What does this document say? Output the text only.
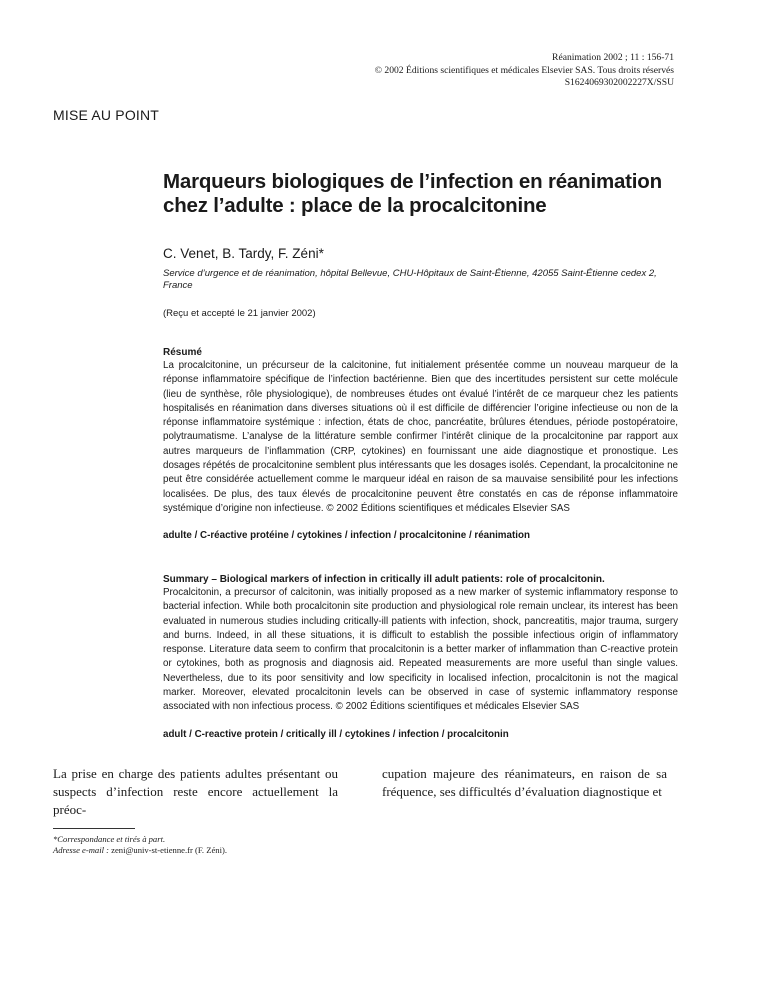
Réanimation 2002 ; 11 : 156-71
© 2002 Éditions scientifiques et médicales Elsevier SAS. Tous droits réservés
S1624069302002227X/SSU
MISE AU POINT
Marqueurs biologiques de l’infection en réanimation chez l’adulte : place de la procalcitonine
C. Venet, B. Tardy, F. Zéni*
Service d’urgence et de réanimation, hôpital Bellevue, CHU-Hôpitaux de Saint-Étienne, 42055 Saint-Étienne cedex 2, France
(Reçu et accepté le 21 janvier 2002)
Résumé

La procalcitonine, un précurseur de la calcitonine, fut initialement présentée comme un nouveau marqueur de la réponse inflammatoire spécifique de l’infection bactérienne. Bien que des incertitudes persistent sur cette molécule (lieu de synthèse, rôle physiologique), de nombreuses études ont évalué l’intérêt de ce marqueur chez les patients hospitalisés en réanimation dans diverses situations où il est difficile de différencier l’origine infectieuse ou non de la réponse inflammatoire systémique : infection, états de choc, pancréatite, brûlures étendues, période postopératoire, polytraumatisme. L’analyse de la littérature semble confirmer l’intérêt clinique de la procalcitonine par rapport aux autres marqueurs de l’inflammation (CRP, cytokines) en fournissant une aide diagnostique et pronostique. Les dosages répétés de procalcitonine semblent plus intéressants que les dosages isolés. Cependant, la procalcitonine ne peut être considérée actuellement comme le marqueur idéal en raison de sa mauvaise sensibilité pour les infections localisées. De plus, des taux élevés de procalcitonine peuvent être constatés en cas de réponse inflammatoire systémique d’origine non infectieuse. © 2002 Éditions scientifiques et médicales Elsevier SAS

adulte / C-réactive protéine / cytokines / infection / procalcitonine / réanimation
Summary – Biological markers of infection in critically ill adult patients: role of procalcitonin.

Procalcitonin, a precursor of calcitonin, was initially proposed as a new marker of systemic inflammatory response to bacterial infection. While both procalcitonin site production and physiological role remain unclear, its interest has been evaluated in numerous studies including critically-ill patients with infection, shock, pancreatitis, major trauma, surgery and burns. Indeed, in all these situations, it is difficult to establish the possible infectious origin of inflammatory response. Literature data seem to confirm that procalcitonin is a better marker of inflammation than C-reactive protein or cytokines, both as prognosis and diagnosis aid. Repeated measurements are more useful than single values. Nevertheless, due to its poor sensitivity and low specificity in localised infection, procalcitonin is not the magical marker. Moreover, elevated procalcitonin levels can be observed in case of systemic inflammatory response associated with non infectious process. © 2002 Éditions scientifiques et médicales Elsevier SAS

adult / C-reactive protein / critically ill / cytokines / infection / procalcitonin

La prise en charge des patients adultes présentant ou suspects d’infection reste encore actuellement la préoc-

cupation majeure des réanimateurs, en raison de sa fréquence, ses difficultés d’évaluation diagnostique et

*Correspondance et tirés à part.
Adresse e-mail : zeni@univ-st-etienne.fr (F. Zéni).
